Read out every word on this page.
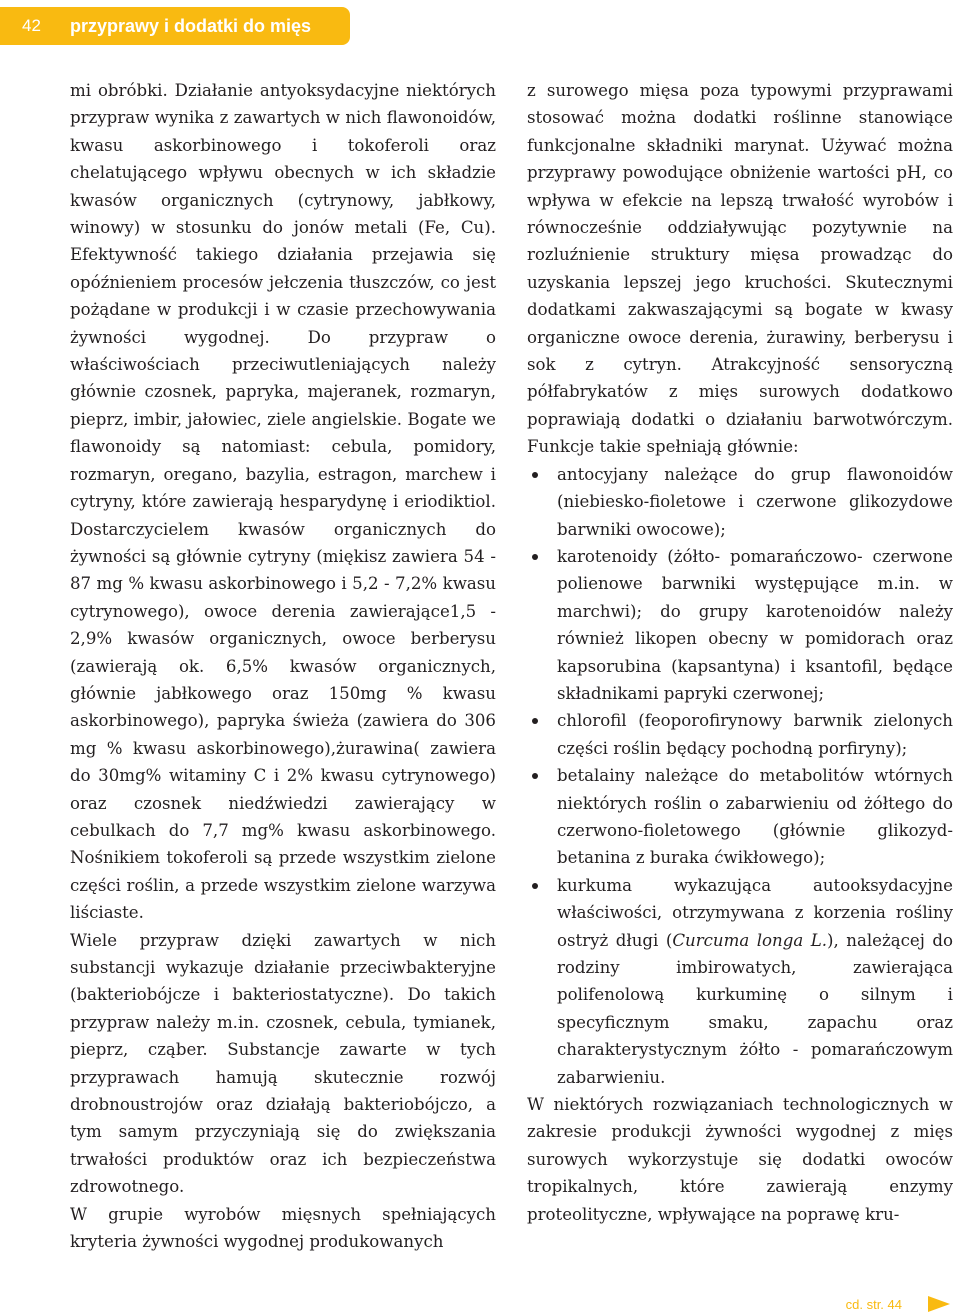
42 przyprawy i dodatki do mięs

mi obróbki. Działanie antyoksydacyjne niektórych przypraw wynika z zawartych w nich flawonoidów, kwasu askorbinowego i tokoferoli oraz chelatującego wpływu obecnych w ich składzie kwasów organicznych (cytrynowy, jabłkowy, winowy) w stosunku do jonów metali (Fe, Cu). Efektywność takiego działania przejawia się opóźnieniem procesów jełczenia tłuszczów, co jest pożądane w produkcji i w czasie przechowywania żywności wygodnej. Do przypraw o właściwościach przeciwutleniających należy głównie czosnek, papryka, majeranek, rozmaryn, pieprz, imbir, jałowiec, ziele angielskie. Bogate we flawonoidy są natomiast: cebula, pomidory, rozmaryn, oregano, bazylia, estragon, marchew i cytryny, które zawierają hesparydynę i eriodiktiol. Dostarczycielem kwasów organicznych do żywności są głównie cytryny (miękisz zawiera 54 - 87 mg % kwasu askorbinowego i 5,2 - 7,2% kwasu cytrynowego), owoce derenia zawierające1,5 - 2,9% kwasów organicznych, owoce berberysu (zawierają ok. 6,5% kwasów organicznych, głównie jabłkowego oraz 150mg % kwasu askorbinowego), papryka świeża (zawiera do 306 mg % kwasu askorbinowego),żurawina( zawiera do 30mg% witaminy C i 2% kwasu cytrynowego) oraz czosnek niedźwiedzi zawierający w cebulkach do 7,7 mg% kwasu askorbinowego. Nośnikiem tokoferoli są przede wszystkim zielone części roślin, a przede wszystkim zielone warzywa liściaste.

Wiele przypraw dzięki zawartych w nich substancji wykazuje działanie przeciwbakteryjne (bakteriobójcze i bakteriostatyczne). Do takich przypraw należy m.in. czosnek, cebula, tymianek, pieprz, cząber. Substancje zawarte w tych przyprawach hamują skutecznie rozwój drobnoustrojów oraz działają bakteriobójczo, a tym samym przyczyniają się do zwiększania trwałości produktów oraz ich bezpieczeństwa zdrowotnego.

W grupie wyrobów mięsnych spełniających kryteria żywności wygodnej produkowanych

z surowego mięsa poza typowymi przyprawami stosować można dodatki roślinne stanowiące funkcjonalne składniki marynat. Używać można przyprawy powodujące obniżenie wartości pH, co wpływa w efekcie na lepszą trwałość wyrobów i równocześnie oddziaływując pozytywnie na rozluźnienie struktury mięsa prowadząc do uzyskania lepszej jego kruchości. Skutecznymi dodatkami zakwaszającymi są bogate w kwasy organiczne owoce derenia, żurawiny, berberysu i sok z cytryn. Atrakcyjność sensoryczną półfabrykatów z mięs surowych dodatkowo poprawiają dodatki o działaniu barwotwórczym. Funkcje takie spełniają głównie:

antocyjany należące do grup flawonoidów (niebiesko-fioletowe i czerwone glikozydowe barwniki owocowe);
karotenoidy (żółto- pomarańczowo- czerwone polienowe barwniki występujące m.in. w marchwi); do grupy karotenoidów należy również likopen obecny w pomidorach oraz kapsorubina (kapsantyna) i ksantofil, będące składnikami papryki czerwonej;
chlorofil (feoporofirynowy barwnik zielonych części roślin będący pochodną porfiryny);
betalainy należące do metabolitów wtórnych niektórych roślin o zabarwieniu od żółtego do czerwono-fioletowego (głównie glikozyd- betanina z buraka ćwikłowego);
kurkuma wykazująca autooksydacyjne właściwości, otrzymywana z korzenia rośliny ostryż długi (Curcuma longa L.), należącej do rodziny imbirowatych, zawierająca polifenolową kurkuminę o silnym i specyficznym smaku, zapachu oraz charakterystycznym żółto - pomarańczowym zabarwieniu.

W niektórych rozwiązaniach technologicznych w zakresie produkcji żywności wygodnej z mięs surowych wykorzystuje się dodatki owoców tropikalnych, które zawierają enzymy proteolityczne, wpływające na poprawę kru-

cd. str. 44
